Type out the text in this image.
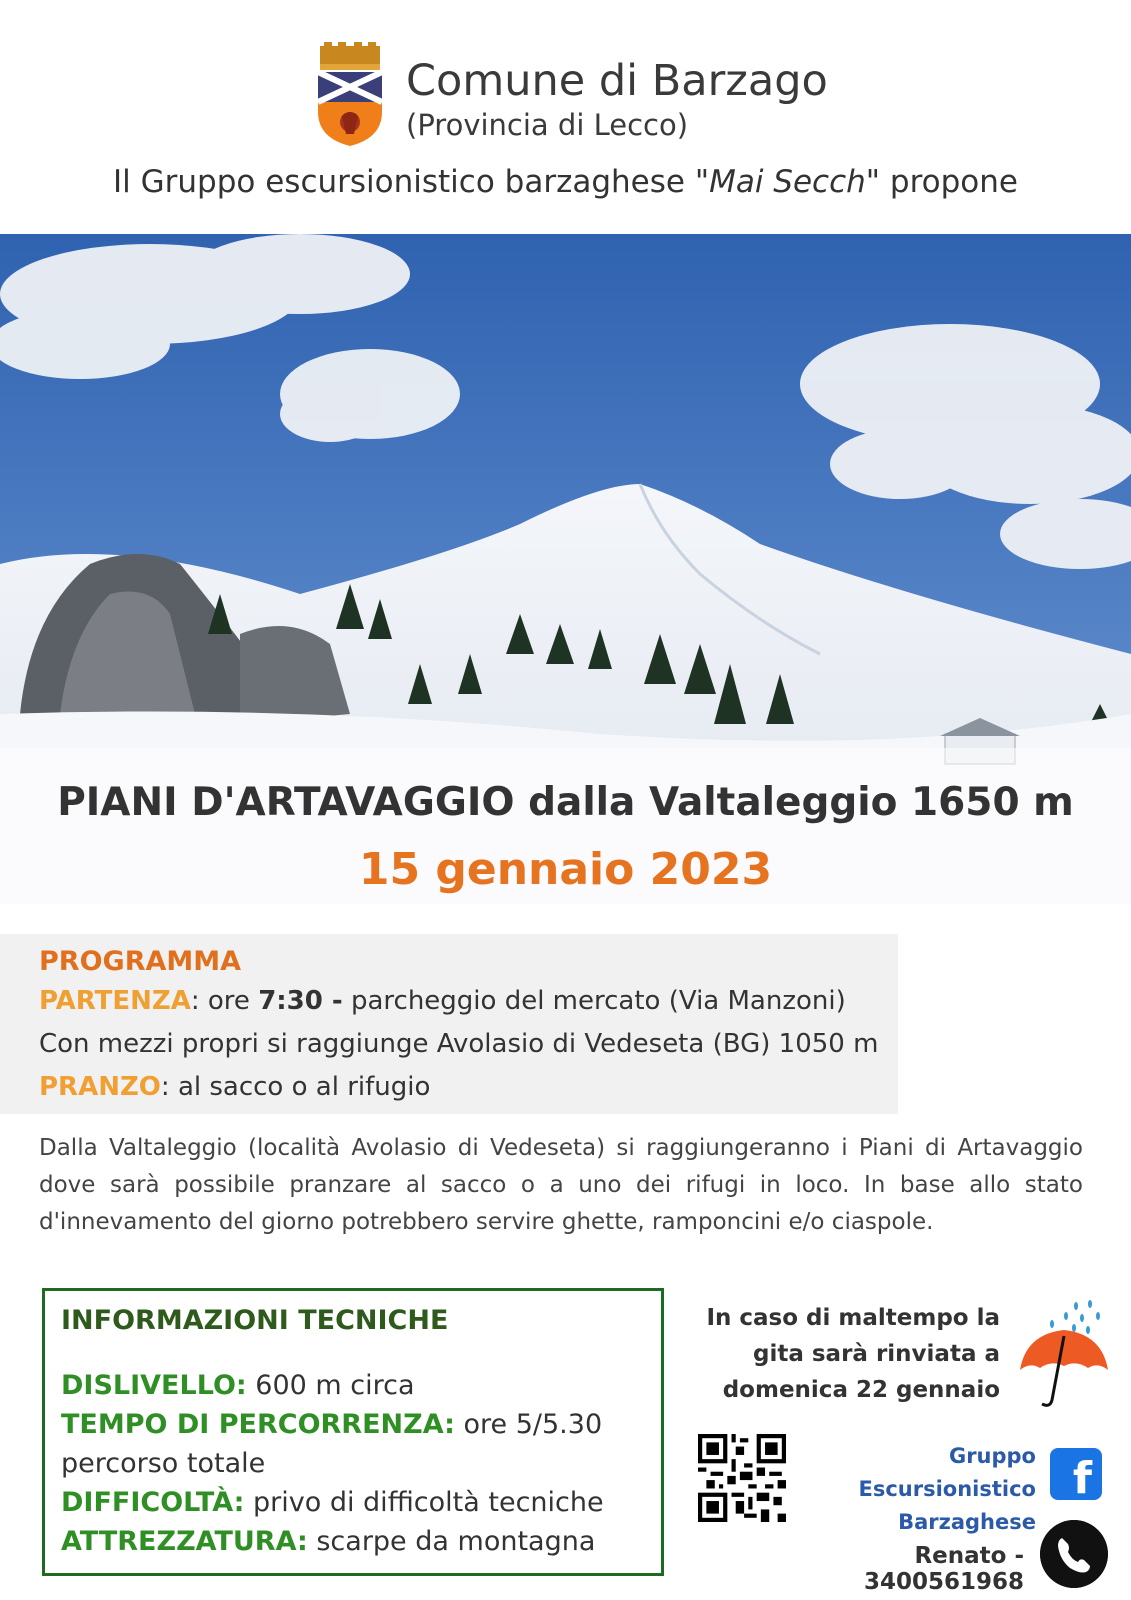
Comune di Barzago
(Provincia di Lecco)
Il Gruppo escursionistico barzaghese "Mai Secch" propone
PIANI D'ARTAVAGGIO dalla Valtaleggio 1650 m
15 gennaio 2023
PROGRAMMA
PARTENZA: ore 7:30 - parcheggio del mercato (Via Manzoni)
Con mezzi propri si raggiunge Avolasio di Vedeseta (BG) 1050 m
PRANZO: al sacco o al rifugio
Dalla Valtaleggio (località Avolasio di Vedeseta) si raggiungeranno i Piani di Artavaggio dove sarà possibile pranzare al sacco o a uno dei rifugi in loco. In base allo stato d'innevamento del giorno potrebbero servire ghette, ramponcini e/o ciaspole.
INFORMAZIONI TECNICHE
DISLIVELLO: 600 m circa
TEMPO DI PERCORRENZA: ore 5/5.30 percorso totale
DIFFICOLTÀ: privo di difficoltà tecniche
ATTREZZATURA: scarpe da montagna
In caso di maltempo la
gita sarà rinviata a
domenica 22 gennaio
Gruppo Escursionistico
Barzaghese
f
Renato - 3400561968
